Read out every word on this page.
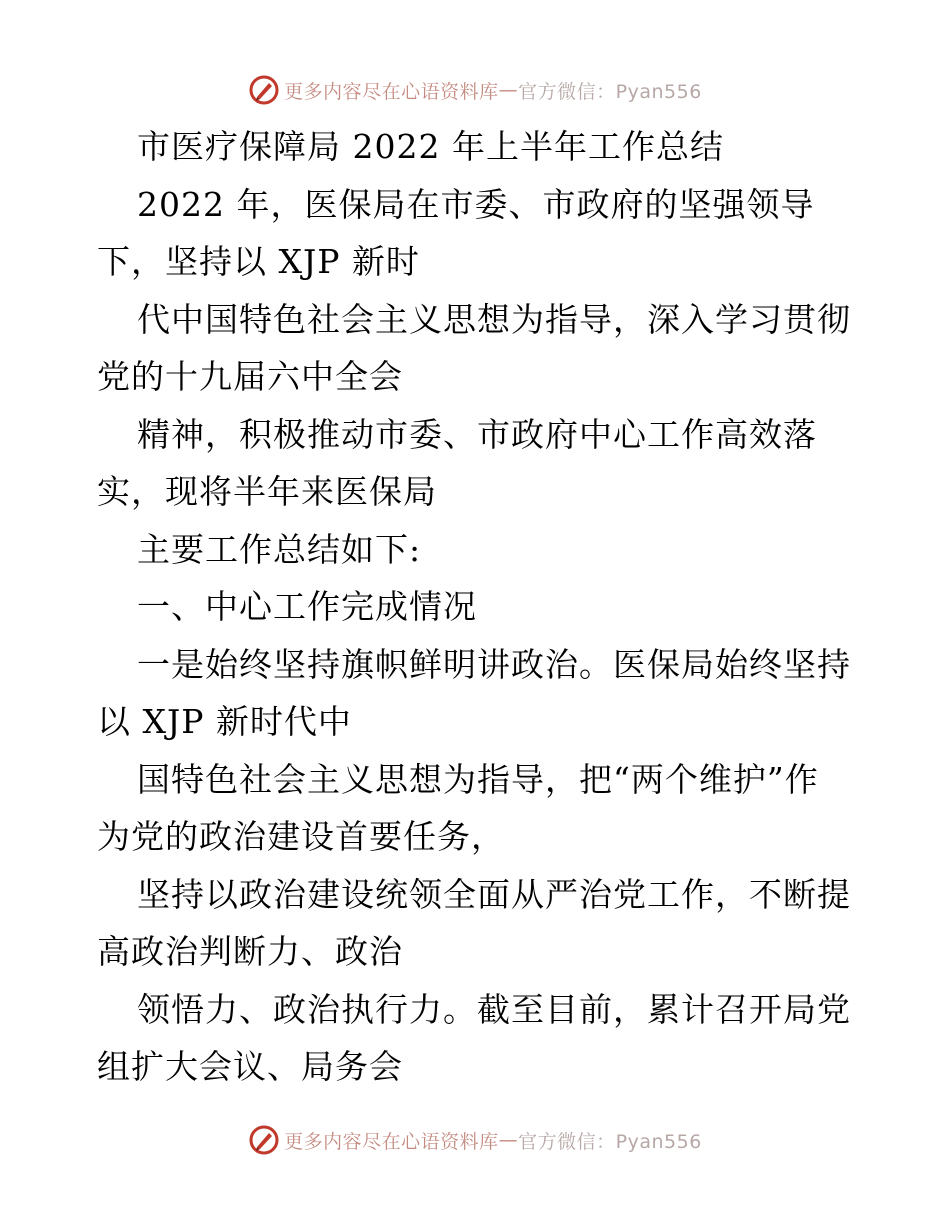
更多内容尽在心语资料库 — 官方微信：Pyan556

市医疗保障局 2022 年上半年工作总结

2022 年，医保局在市委、市政府的坚强领导

下，坚持以 XJP 新时

代中国特色社会主义思想为指导，深入学习贯彻

党的十九届六中全会

精神，积极推动市委、市政府中心工作高效落

实，现将半年来医保局

主要工作总结如下:

一、中心工作完成情况

一是始终坚持旗帜鲜明讲政治。医保局始终坚持

以 XJP 新时代中

国特色社会主义思想为指导，把“两个维护”作

为党的政治建设首要任务，

坚持以政治建设统领全面从严治党工作，不断提

高政治判断力、政治

领悟力、政治执行力。截至目前，累计召开局党

组扩大会议、局务会

更多内容尽在心语资料库 — 官方微信：Pyan556
